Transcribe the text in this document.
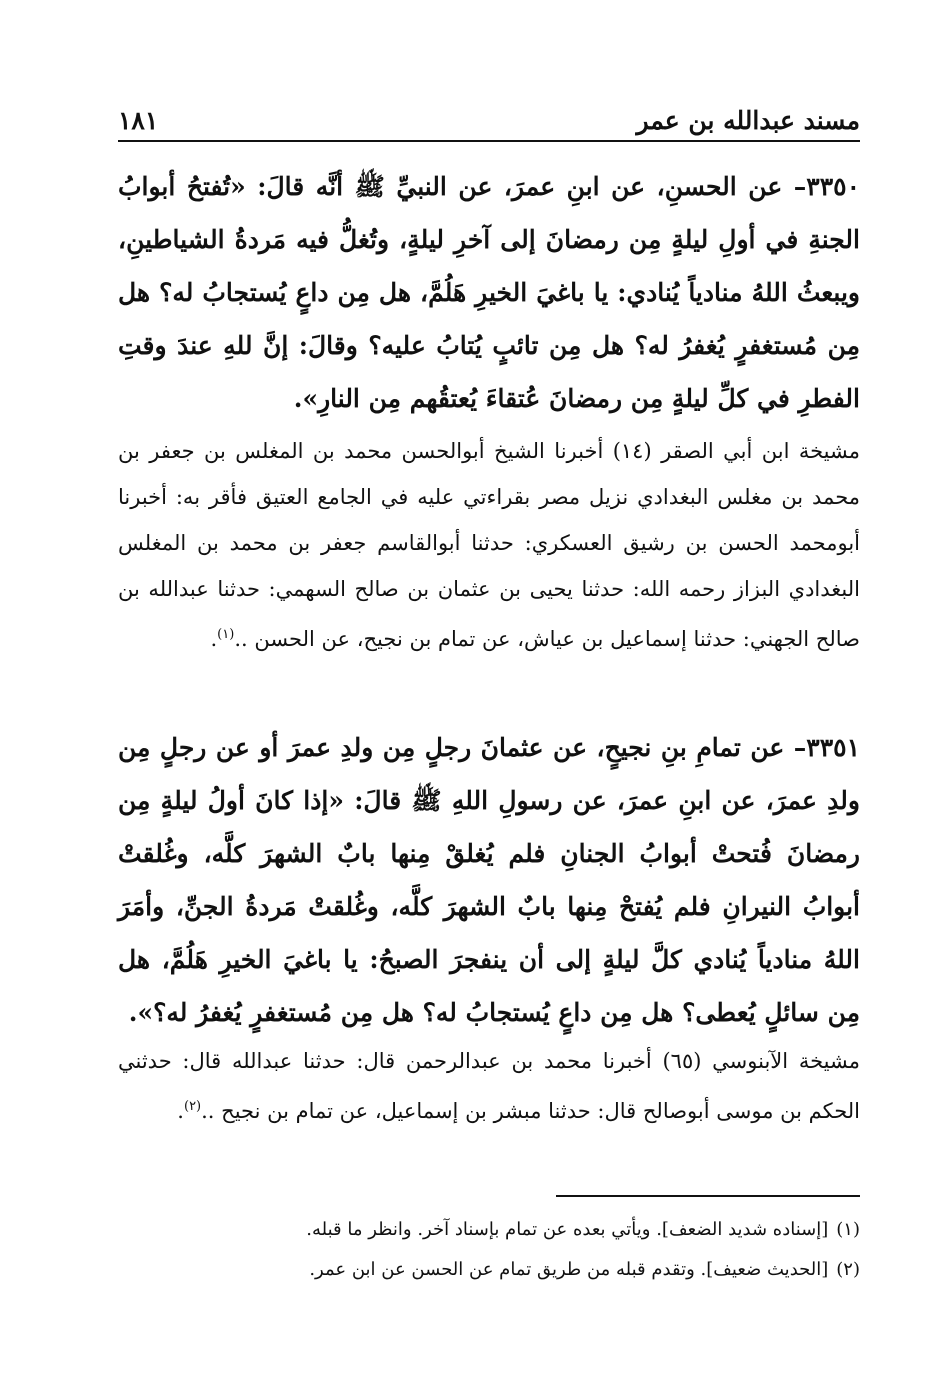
مسند عبدالله بن عمر
١٨١

٣٣٥٠– عن الحسنِ، عن ابنِ عمرَ، عن النبيِّ ﷺ أنَّه قالَ: «تُفتحُ أبوابُ الجنةِ في أولِ ليلةٍ مِن رمضانَ إلى آخرِ ليلةٍ، وتُغلُّ فيه مَردةُ الشياطينِ، ويبعثُ اللهُ منادياً يُنادي: يا باغيَ الخيرِ هَلُمَّ، هل مِن داعٍ يُستجابُ له؟ هل مِن مُستغفرٍ يُغفرُ له؟ هل مِن تائبٍ يُتابُ عليه؟ وقالَ: إنَّ للهِ عندَ وقتِ الفطرِ في كلِّ ليلةٍ مِن رمضانَ عُتقاءَ يُعتقُهم مِن النارِ».

مشيخة ابن أبي الصقر (١٤) أخبرنا الشيخ أبوالحسن محمد بن المغلس بن جعفر بن محمد بن مغلس البغدادي نزيل مصر بقراءتي عليه في الجامع العتيق فأقر به: أخبرنا أبومحمد الحسن بن رشيق العسكري: حدثنا أبوالقاسم جعفر بن محمد بن المغلس البغدادي البزاز رحمه الله: حدثنا يحيى بن عثمان بن صالح السهمي: حدثنا عبدالله بن صالح الجهني: حدثنا إسماعيل بن عياش، عن تمام بن نجيح، عن الحسن ..$^{(١)}$.

٣٣٥١– عن تمامِ بنِ نجيحٍ، عن عثمانَ رجلٍ مِن ولدِ عمرَ أو عن رجلٍ مِن ولدِ عمرَ، عن ابنِ عمرَ، عن رسولِ اللهِ ﷺ قالَ: «إذا كانَ أولُ ليلةٍ مِن رمضانَ فُتحتْ أبوابُ الجنانِ فلم يُغلقْ مِنها بابٌ الشهرَ كلَّه، وغُلقتْ أبوابُ النيرانِ فلم يُفتحْ مِنها بابٌ الشهرَ كلَّه، وغُلقتْ مَردةُ الجنِّ، وأمَرَ اللهُ منادياً يُنادي كلَّ ليلةٍ إلى أن ينفجرَ الصبحُ: يا باغيَ الخيرِ هَلُمَّ، هل مِن سائلٍ يُعطى؟ هل مِن داعٍ يُستجابُ له؟ هل مِن مُستغفرٍ يُغفرُ له؟».

مشيخة الآبنوسي (٦٥) أخبرنا محمد بن عبدالرحمن قال: حدثنا عبدالله قال: حدثني الحكم بن موسى أبوصالح قال: حدثنا مبشر بن إسماعيل، عن تمام بن نجيح ..$^{(٢)}$.

(١)[إسناده شديد الضعف]. ويأتي بعده عن تمام بإسناد آخر. وانظر ما قبله.
(٢)[الحديث ضعيف]. وتقدم قبله من طريق تمام عن الحسن عن ابن عمر.
